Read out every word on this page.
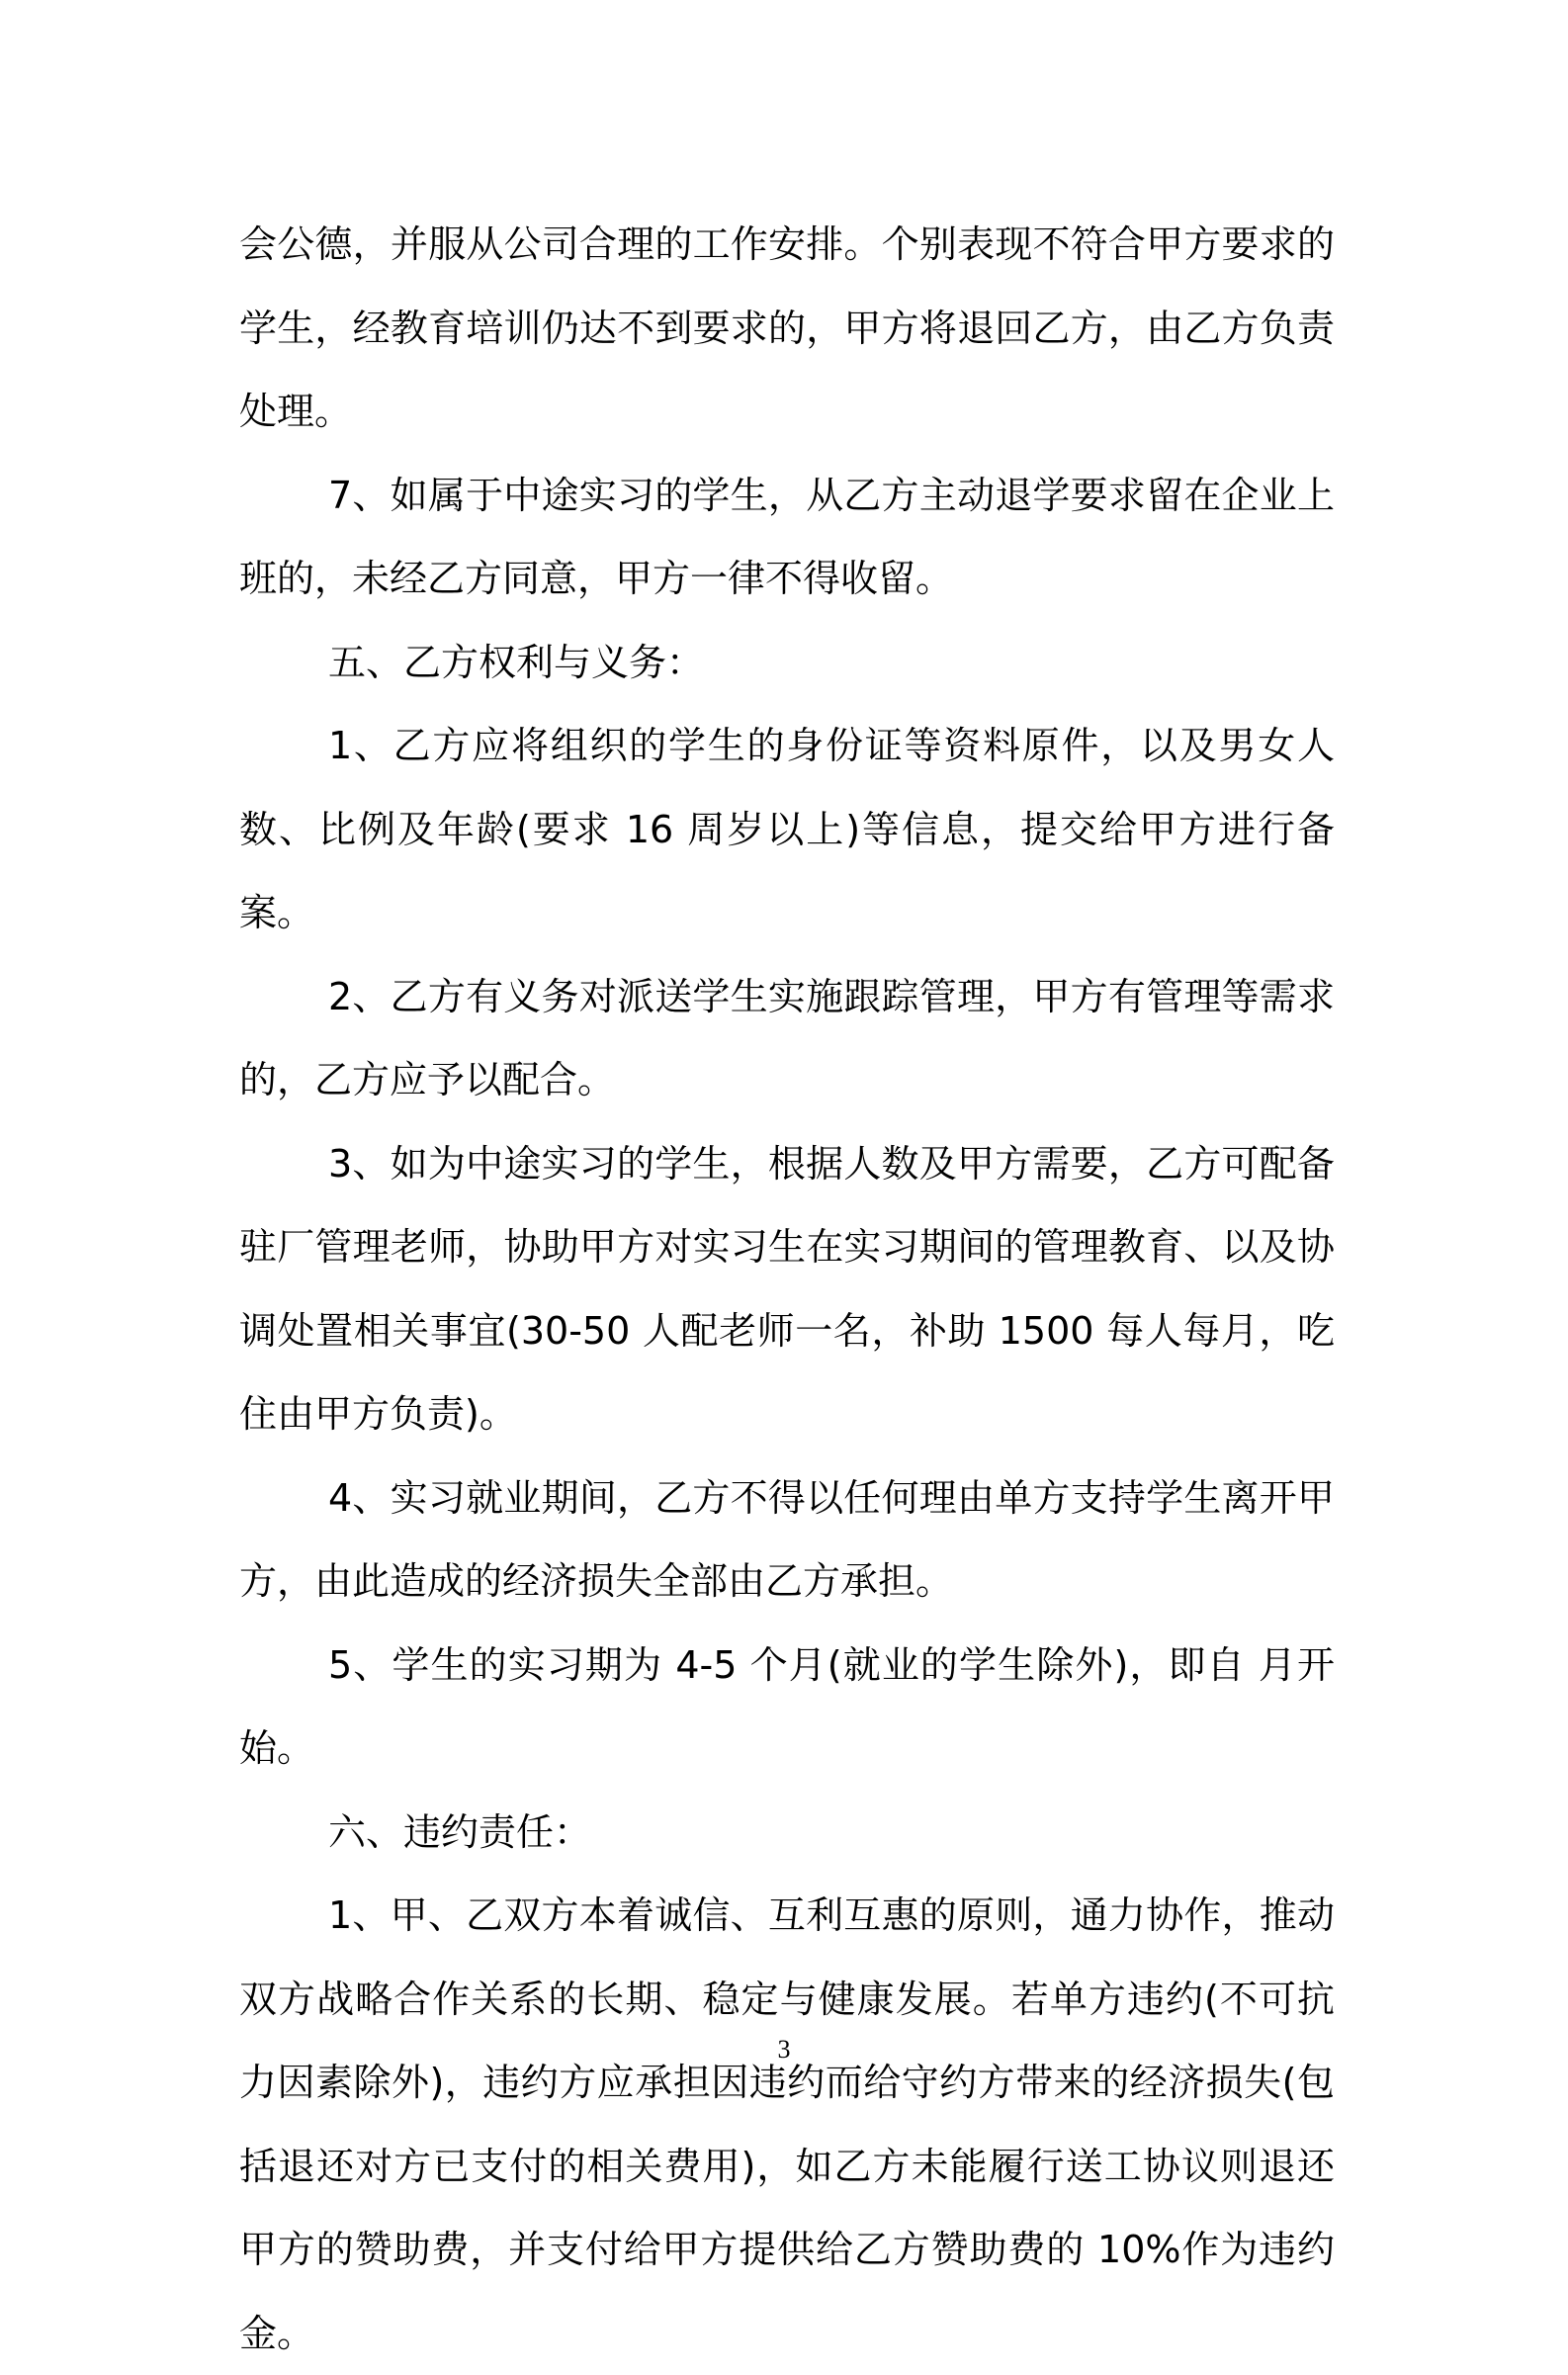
会公德，并服从公司合理的工作安排。个别表现不符合甲方要求的学生，经教育培训仍达不到要求的，甲方将退回乙方，由乙方负责处理。

7、如属于中途实习的学生，从乙方主动退学要求留在企业上班的，未经乙方同意，甲方一律不得收留。

五、乙方权利与义务：

1、乙方应将组织的学生的身份证等资料原件，以及男女人数、比例及年龄(要求 16 周岁以上)等信息，提交给甲方进行备案。

2、乙方有义务对派送学生实施跟踪管理，甲方有管理等需求的，乙方应予以配合。

3、如为中途实习的学生，根据人数及甲方需要，乙方可配备驻厂管理老师，协助甲方对实习生在实习期间的管理教育、以及协调处置相关事宜(30-50 人配老师一名，补助 1500 每人每月，吃住由甲方负责)。

4、实习就业期间，乙方不得以任何理由单方支持学生离开甲方，由此造成的经济损失全部由乙方承担。

5、学生的实习期为 4-5 个月(就业的学生除外)，即自 月开始。

六、违约责任：

1、甲、乙双方本着诚信、互利互惠的原则，通力协作，推动双方战略合作关系的长期、稳定与健康发展。若单方违约(不可抗力因素除外)，违约方应承担因违约而给守约方带来的经济损失(包括退还对方已支付的相关费用)，如乙方未能履行送工协议则退还甲方的赞助费，并支付给甲方提供给乙方赞助费的 10%作为违约金。

3
